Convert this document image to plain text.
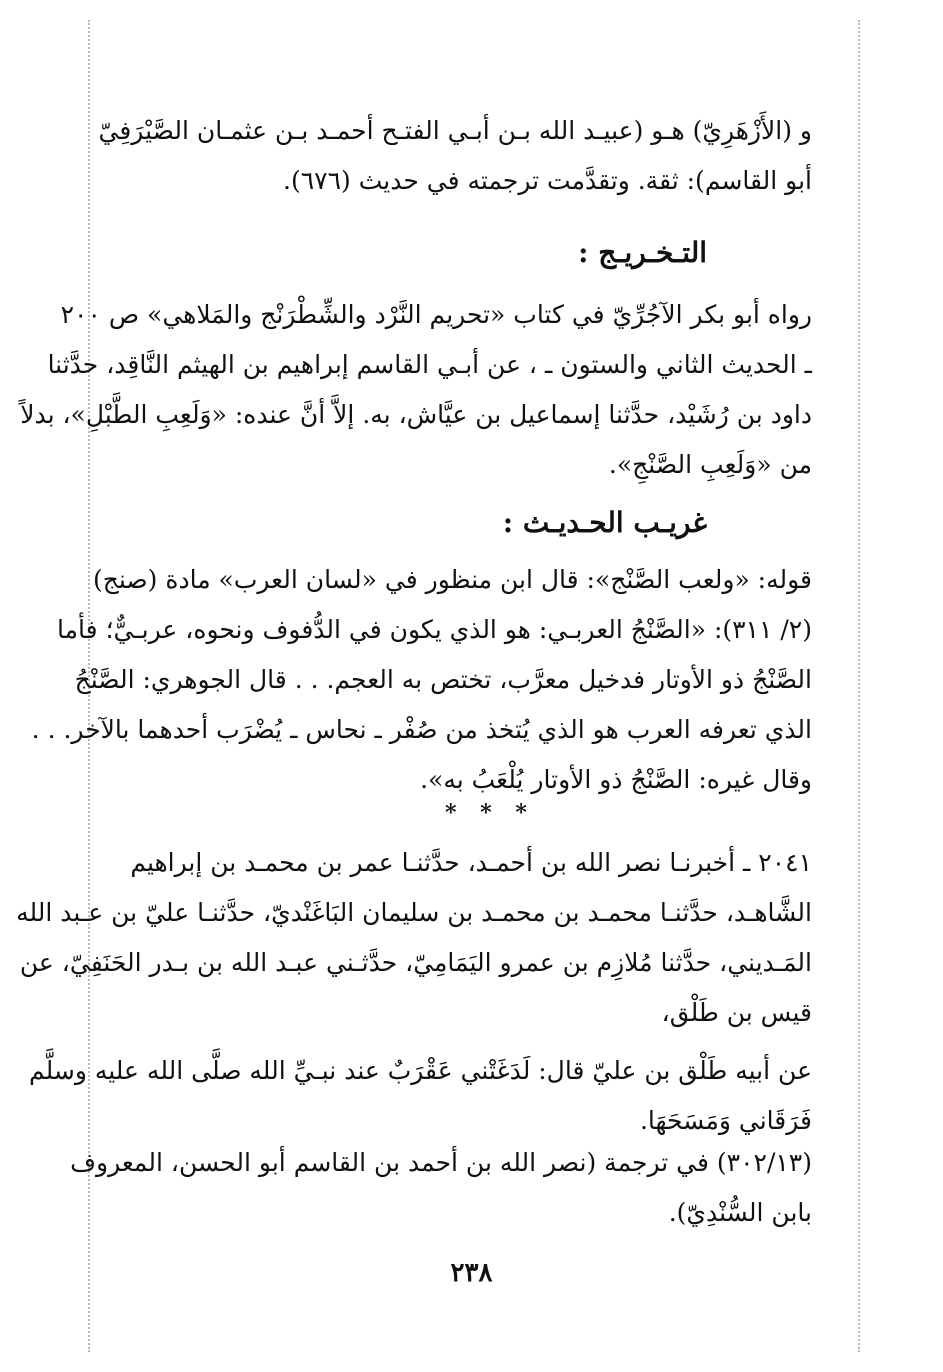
و (الأَزْهَرِيّ) هـو (عبيـد الله بـن أبـي الفتـح أحمـد بـن عثمـان الصَّيْرَفِيّ
أبو القاسم): ثقة. وتقدَّمت ترجمته في حديث (٦٧٦).
التـخـريـج :
رواه أبو بكر الآجُرِّيّ في كتاب «تحريم النَّرْد والشِّطْرَنْج والمَلاهي» ص ٢٠٠
ـ الحديث الثاني والستون ـ ، عن أبـي القاسم إبراهيم بن الهيثم النَّاقِد، حدَّثنا
داود بن رُشَيْد، حدَّثنا إسماعيل بن عيَّاش، به. إلاَّ أنَّ عنده: «وَلَعِبِ الطَّبْلِ»، بدلاً
من «وَلَعِبِ الصَّنْجِ».
غريـب الحـديـث :
قوله: «ولعب الصَّنْج»: قال ابن منظور في «لسان العرب» مادة (صنج)
(٢/ ٣١١): «الصَّنْجُ العربـي: هو الذي يكون في الدُّفوف ونحوه، عربـيٌّ؛ فأما
الصَّنْجُ ذو الأوتار فدخيل معرَّب، تختص به العجم. . . قال الجوهري: الصَّنْجُ
الذي تعرفه العرب هو الذي يُتخذ من صُفْر ـ نحاس ـ يُضْرَب أحدهما بالآخر. . .
وقال غيره: الصَّنْجُ ذو الأوتار يُلْعَبُ به».
* * *
٢٠٤١ ـ أخبرنـا نصر الله بن أحمـد، حدَّثنـا عمر بن محمـد بن إبراهيم
الشَّاهـد، حدَّثنـا محمـد بن محمـد بن سليمان البَاغَنْديّ، حدَّثنـا عليّ بن عـبد الله
المَـديني، حدَّثنا مُلازِم بن عمرو اليَمَامِيّ، حدَّثـني عبـد الله بن بـدر الحَنَفِيّ، عن
قيس بن طَلْق،
عن أبيه طَلْق بن عليّ قال: لَدَغَتْني عَقْرَبٌ عند نبـيِّ الله صلَّى الله عليه وسلَّم
فَرَقَاني وَمَسَحَهَا.
(٣٠٢/١٣) في ترجمة (نصر الله بن أحمد بن القاسم أبو الحسن، المعروف
بابن السُّنْدِيّ).
٢٣٨
